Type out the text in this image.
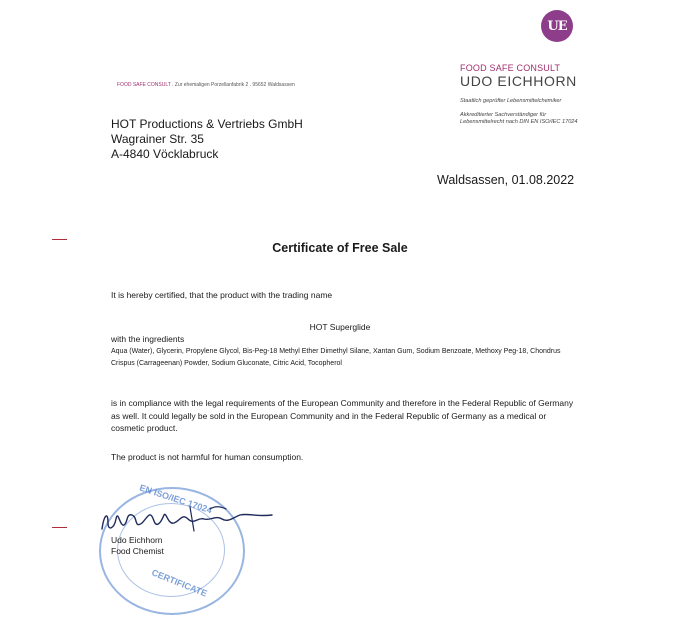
UE
FOOD SAFE CONSULT
UDO EICHHORN
Staatlich geprüfter Lebensmittelchemiker
Akkreditierter Sachverständiger für
Lebensmittelrecht nach DIN EN ISO/IEC 17024
FOOD SAFE CONSULT . Zur ehemaligen Porzellanfabrik 2 . 95652 Waldsassen
HOT Productions & Vertriebs GmbH
Wagrainer Str. 35
A-4840 Vöcklabruck
Waldsassen, 01.08.2022
Certificate of Free Sale
It is hereby certified, that the product with the trading name
HOT Superglide
with the ingredients
Aqua (Water), Glycerin, Propylene Glycol, Bis-Peg-18 Methyl Ether Dimethyl Silane, Xantan Gum, Sodium Benzoate, Methoxy Peg-18, Chondrus Crispus (Carrageenan) Powder, Sodium Gluconate, Citric Acid, Tocopherol
is in compliance with the legal requirements of the European Community and therefore in the Federal Republic of Germany as well. It could legally be sold in the European Community and in the Federal Republic of Germany as a medical or cosmetic product.
The product is not harmful for human consumption.
EN ISO/IEC 17024
CERTIFICATE
Udo Eichhorn
Food Chemist
